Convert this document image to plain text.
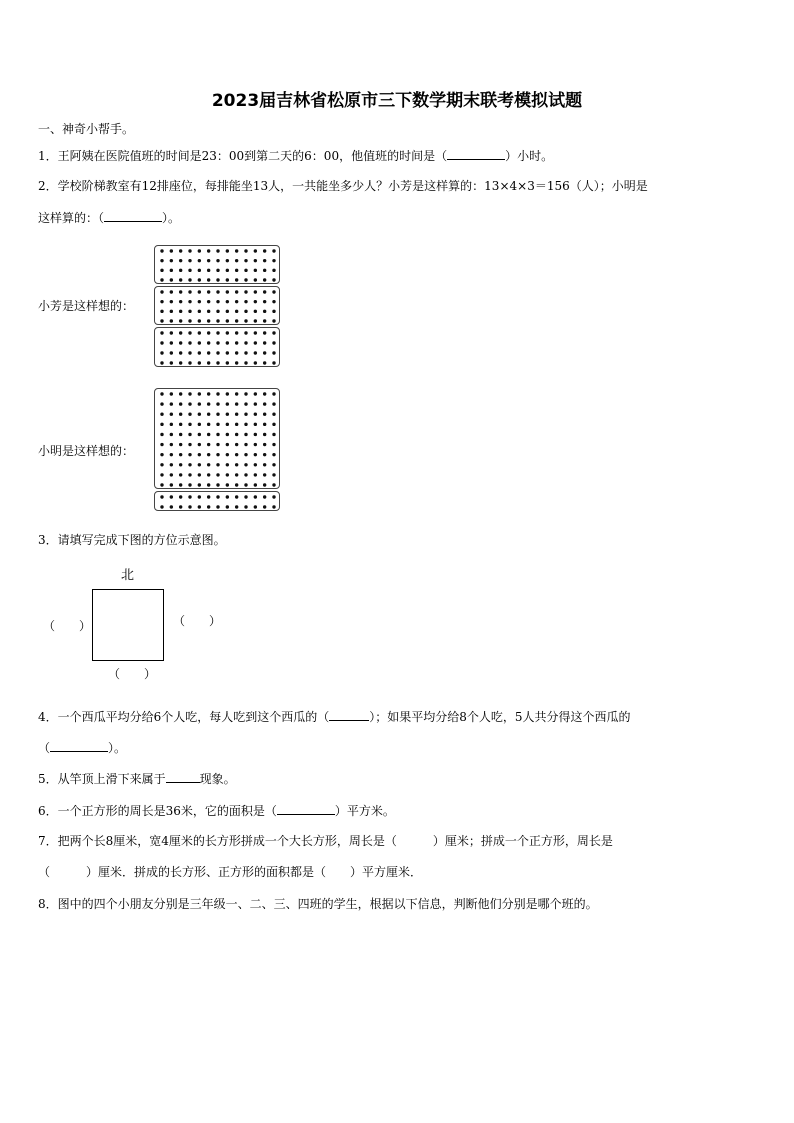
2023届吉林省松原市三下数学期末联考模拟试题
一、神奇小帮手。
1．王阿姨在医院值班的时间是23：00到第二天的6：00，他值班的时间是（	）小时。
2．学校阶梯教室有12排座位，每排能坐13人，一共能坐多少人？小芳是这样算的：13×4×3＝156（人）；小明是
这样算的：（	）。
小芳是这样想的：
小明是这样想的：
3．请填写完成下图的方位示意图。
北
（　　）	（　　）
（　　）
4．一个西瓜平均分给6个人吃，每人吃到这个西瓜的（	）；如果平均分给8个人吃，5人共分得这个西瓜的
（	）。
5．从竿顶上滑下来属于	现象。
6．一个正方形的周长是36米，它的面积是（	）平方米。
7．把两个长8厘米，宽4厘米的长方形拼成一个大长方形，周长是（　　　）厘米；拼成一个正方形，周长是
（　　　）厘米．拼成的长方形、正方形的面积都是（　　）平方厘米．
8．图中的四个小朋友分别是三年级一、二、三、四班的学生，根据以下信息，判断他们分别是哪个班的。
